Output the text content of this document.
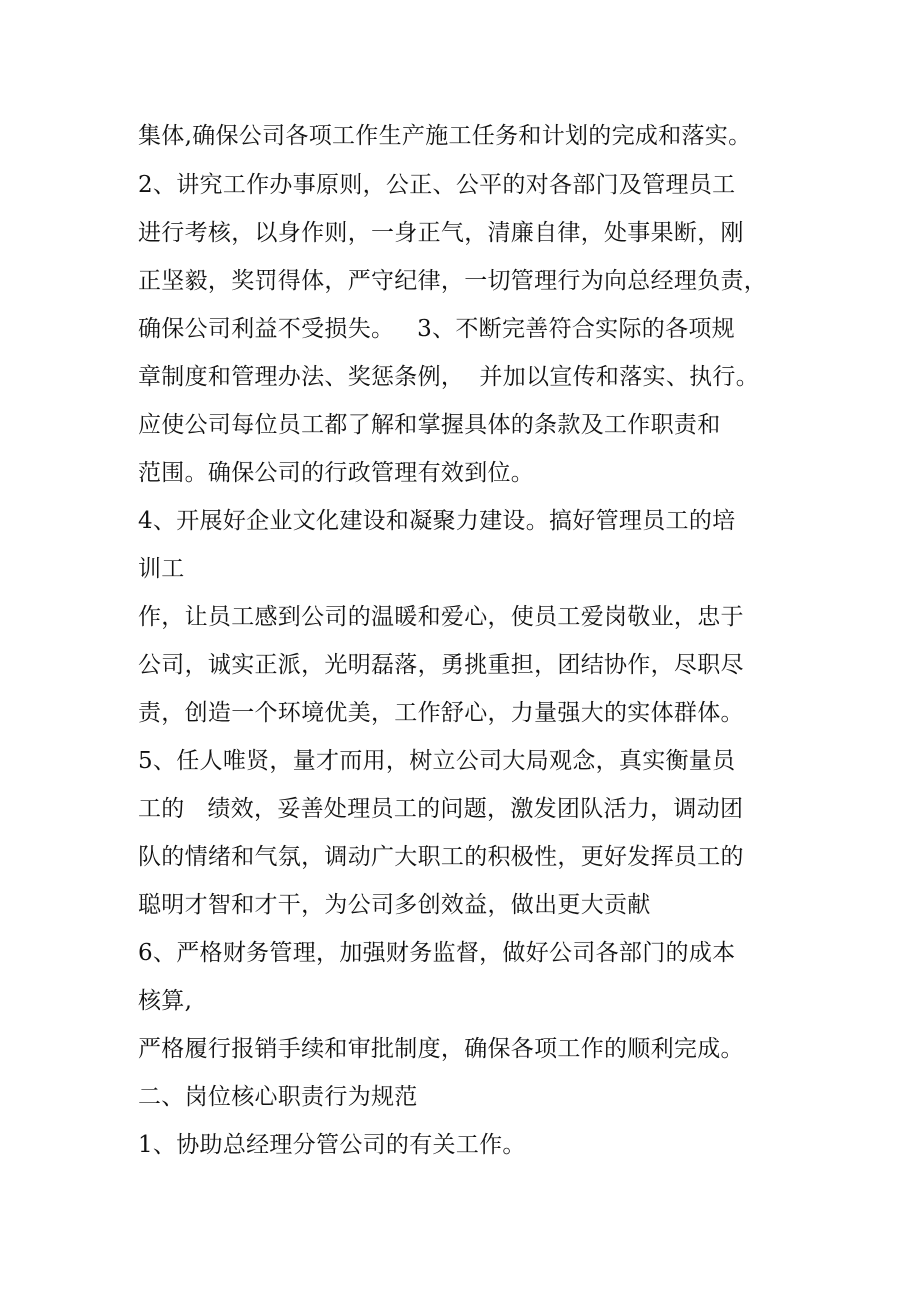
集体,确保公司各项工作生产施工任务和计划的完成和落实。
2、讲究工作办事原则，公正、公平的对各部门及管理员工
进行考核，以身作则，一身正气，清廉自律，处事果断，刚
正坚毅，奖罚得体，严守纪律，一切管理行为向总经理负责，
确保公司利益不受损失。   3、不断完善符合实际的各项规
章制度和管理办法、奖惩条例，  并加以宣传和落实、执行。
应使公司每位员工都了解和掌握具体的条款及工作职责和
范围。确保公司的行政管理有效到位。
4、开展好企业文化建设和凝聚力建设。搞好管理员工的培
训工
作，让员工感到公司的温暖和爱心，使员工爱岗敬业，忠于
公司，诚实正派，光明磊落，勇挑重担，团结协作，尽职尽
责，创造一个环境优美，工作舒心，力量强大的实体群体。
5、任人唯贤，量才而用，树立公司大局观念，真实衡量员
工的   绩效，妥善处理员工的问题，激发团队活力，调动团
队的情绪和气氛，调动广大职工的积极性，更好发挥员工的
聪明才智和才干，为公司多创效益，做出更大贡献
6、严格财务管理，加强财务监督，做好公司各部门的成本
核算,
严格履行报销手续和审批制度，确保各项工作的顺利完成。
二、岗位核心职责行为规范
1、协助总经理分管公司的有关工作。
